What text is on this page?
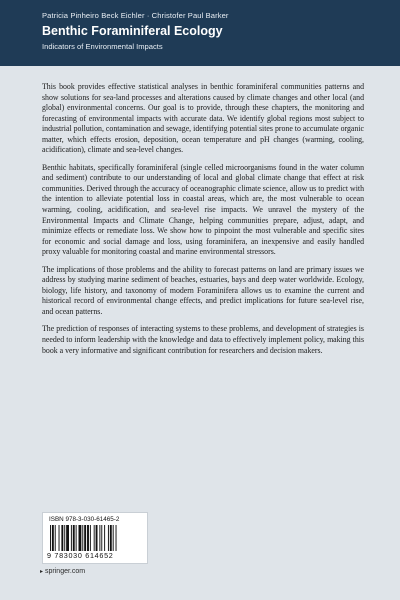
Patricia Pinheiro Beck Eichler · Christofer Paul Barker
Benthic Foraminiferal Ecology
Indicators of Environmental Impacts

This book provides effective statistical analyses in benthic foraminiferal communities patterns and show solutions for sea-land processes and alterations caused by climate changes and other local (and global) environmental concerns. Our goal is to provide, through these chapters, the monitoring and forecasting of environmental impacts with accurate data. We identify global regions most subject to industrial pollution, contamination and sewage, identifying potential sites prone to accumulate organic matter, which effects erosion, deposition, ocean temperature and pH changes (warming, cooling, acidification), climate and sea-level changes.

Benthic habitats, specifically foraminiferal (single celled microorganisms found in the water column and sediment) contribute to our understanding of local and global climate change that effect at risk communities. Derived through the accuracy of oceanographic climate science, allow us to predict with the intention to alleviate potential loss in coastal areas, which are, the most vulnerable to ocean warming, cooling, acidification, and sea-level rise impacts. We unravel the mystery of the Environmental Impacts and Climate Change, helping communities prepare, adjust, adapt, and minimize effects or remediate loss. We show how to pinpoint the most vulnerable and specific sites for economic and social damage and loss, using foraminifera, an inexpensive and easily handled proxy valuable for monitoring coastal and marine environmental stressors.

The implications of those problems and the ability to forecast patterns on land are primary issues we address by studying marine sediment of beaches, estuaries, bays and deep water worldwide. Ecology, biology, life history, and taxonomy of modern Foraminifera allows us to examine the current and historical record of environmental change effects, and predict implications for future sea-level rise, and ocean patterns.

The prediction of responses of interacting systems to these problems, and development of strategies is needed to inform leadership with the knowledge and data to effectively implement policy, making this book a very informative and significant contribution for researchers and decision makers.

ISBN 978-3-030-61465-2
9 783030 614652
▸ springer.com
